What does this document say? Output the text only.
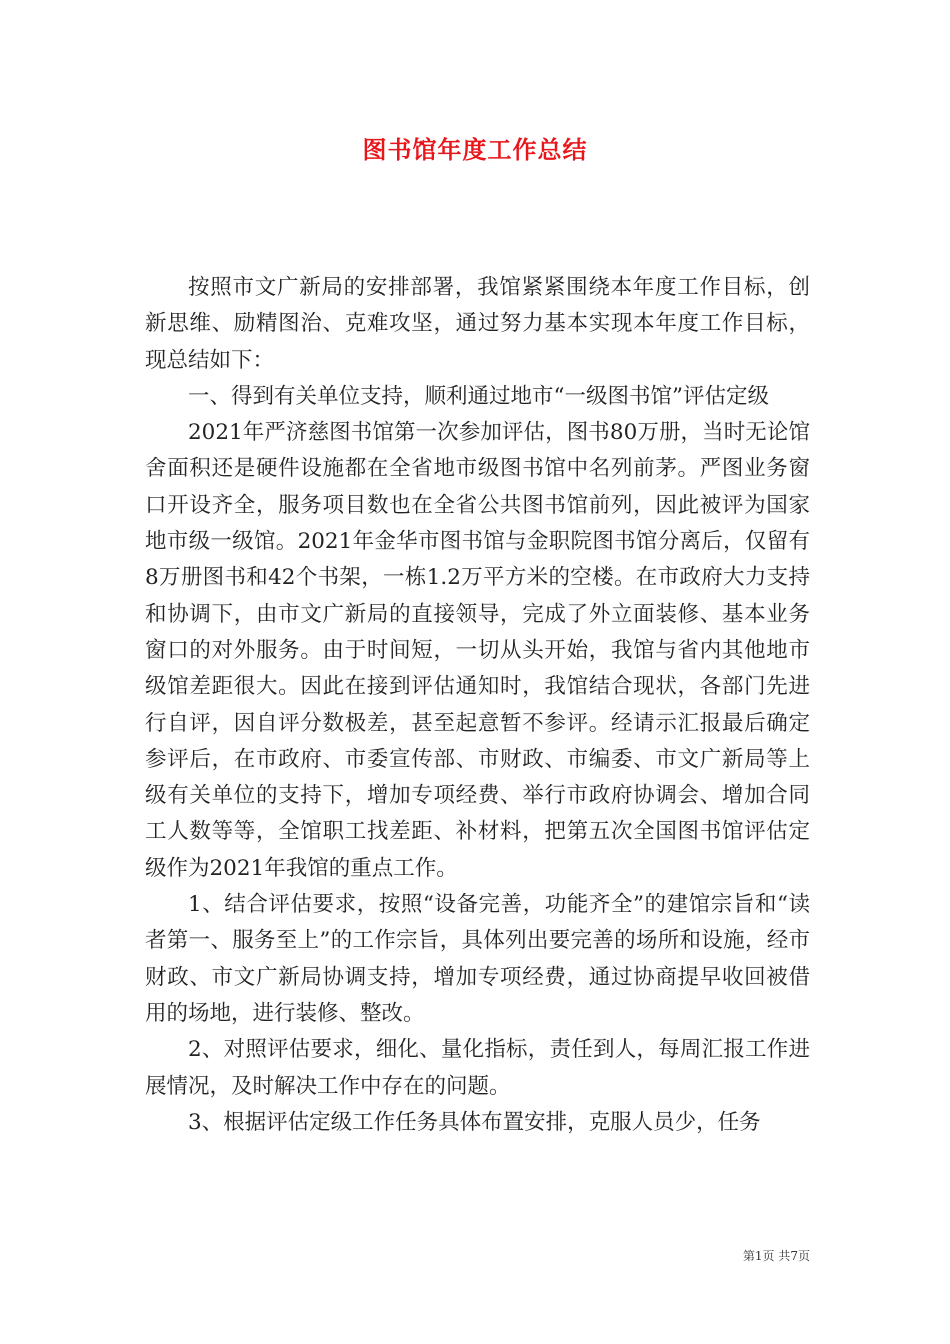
图书馆年度工作总结

按照市文广新局的安排部署，我馆紧紧围绕本年度工作目标，创新思维、励精图治、克难攻坚，通过努力基本实现本年度工作目标，现总结如下：

一、得到有关单位支持，顺利通过地市“一级图书馆”评估定级

2021年严济慈图书馆第一次参加评估，图书80万册，当时无论馆舍面积还是硬件设施都在全省地市级图书馆中名列前茅。严图业务窗口开设齐全，服务项目数也在全省公共图书馆前列，因此被评为国家地市级一级馆。2021年金华市图书馆与金职院图书馆分离后，仅留有8万册图书和42个书架，一栋1.2万平方米的空楼。在市政府大力支持和协调下，由市文广新局的直接领导，完成了外立面装修、基本业务窗口的对外服务。由于时间短，一切从头开始，我馆与省内其他地市级馆差距很大。因此在接到评估通知时，我馆结合现状，各部门先进行自评，因自评分数极差，甚至起意暂不参评。经请示汇报最后确定参评后，在市政府、市委宣传部、市财政、市编委、市文广新局等上级有关单位的支持下，增加专项经费、举行市政府协调会、增加合同工人数等等，全馆职工找差距、补材料，把第五次全国图书馆评估定级作为2021年我馆的重点工作。

1、结合评估要求，按照“设备完善，功能齐全”的建馆宗旨和“读者第一、服务至上”的工作宗旨，具体列出要完善的场所和设施，经市财政、市文广新局协调支持，增加专项经费，通过协商提早收回被借用的场地，进行装修、整改。

2、对照评估要求，细化、量化指标，责任到人，每周汇报工作进展情况，及时解决工作中存在的问题。

3、根据评估定级工作任务具体布置安排，克服人员少，任务

第1页 共7页
